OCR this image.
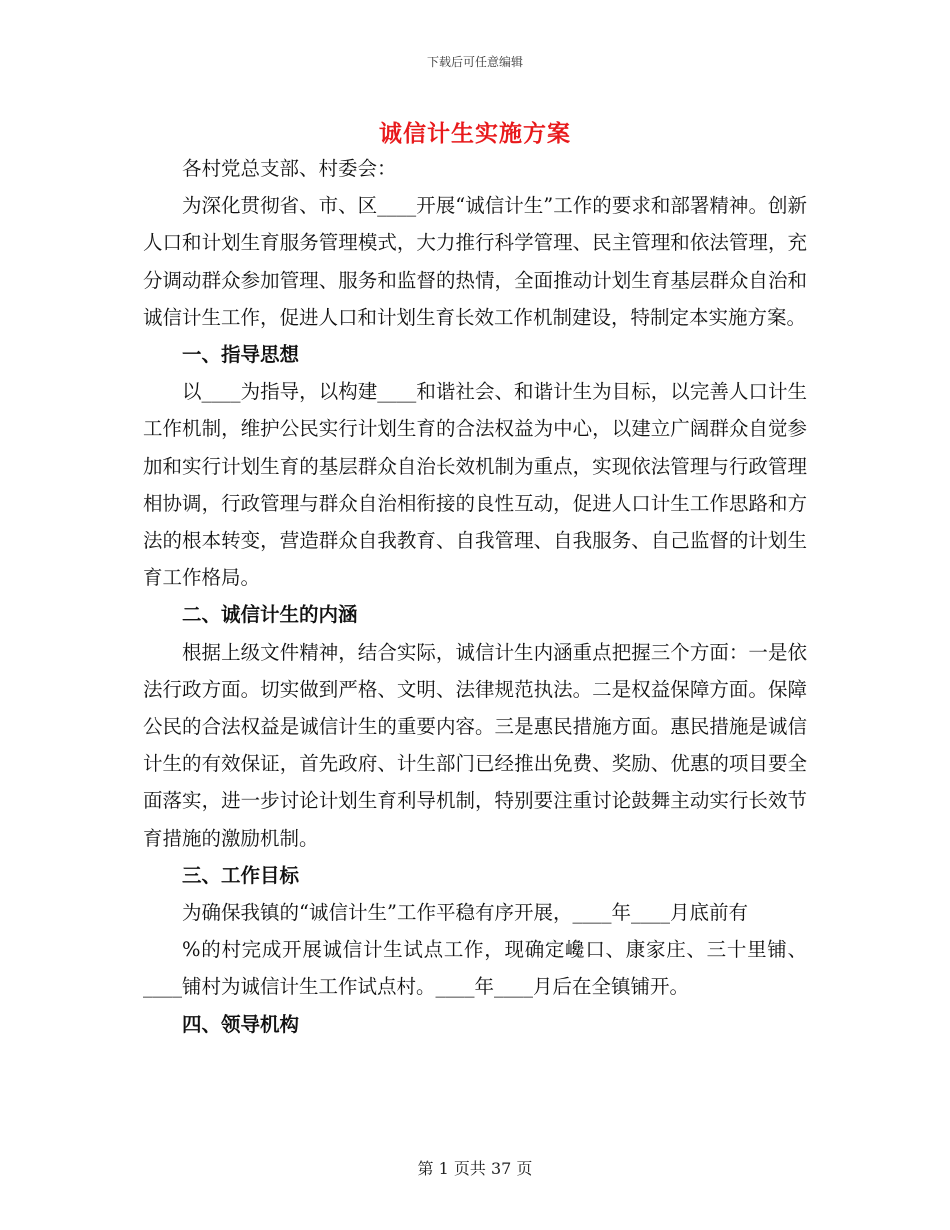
下载后可任意编辑
诚信计生实施方案

各村党总支部、村委会：

为深化贯彻省、市、区____开展“诚信计生”工作的要求和部署精神。创新人口和计划生育服务管理模式，大力推行科学管理、民主管理和依法管理，充分调动群众参加管理、服务和监督的热情，全面推动计划生育基层群众自治和诚信计生工作，促进人口和计划生育长效工作机制建设，特制定本实施方案。

一、指导思想

以____为指导，以构建____和谐社会、和谐计生为目标，以完善人口计生工作机制，维护公民实行计划生育的合法权益为中心，以建立广阔群众自觉参加和实行计划生育的基层群众自治长效机制为重点，实现依法管理与行政管理相协调，行政管理与群众自治相衔接的良性互动，促进人口计生工作思路和方法的根本转变，营造群众自我教育、自我管理、自我服务、自己监督的计划生育工作格局。

二、诚信计生的内涵

根据上级文件精神，结合实际，诚信计生内涵重点把握三个方面：一是依法行政方面。切实做到严格、文明、法律规范执法。二是权益保障方面。保障公民的合法权益是诚信计生的重要内容。三是惠民措施方面。惠民措施是诚信计生的有效保证，首先政府、计生部门已经推出免费、奖励、优惠的项目要全面落实，进一步讨论计划生育利导机制，特别要注重讨论鼓舞主动实行长效节育措施的激励机制。

三、工作目标

为确保我镇的“诚信计生”工作平稳有序开展，____年____月底前有

%的村完成开展诚信计生试点工作，现确定巉口、康家庄、三十里铺、____铺村为诚信计生工作试点村。____年____月后在全镇铺开。

四、领导机构

第 1 页共 37 页
